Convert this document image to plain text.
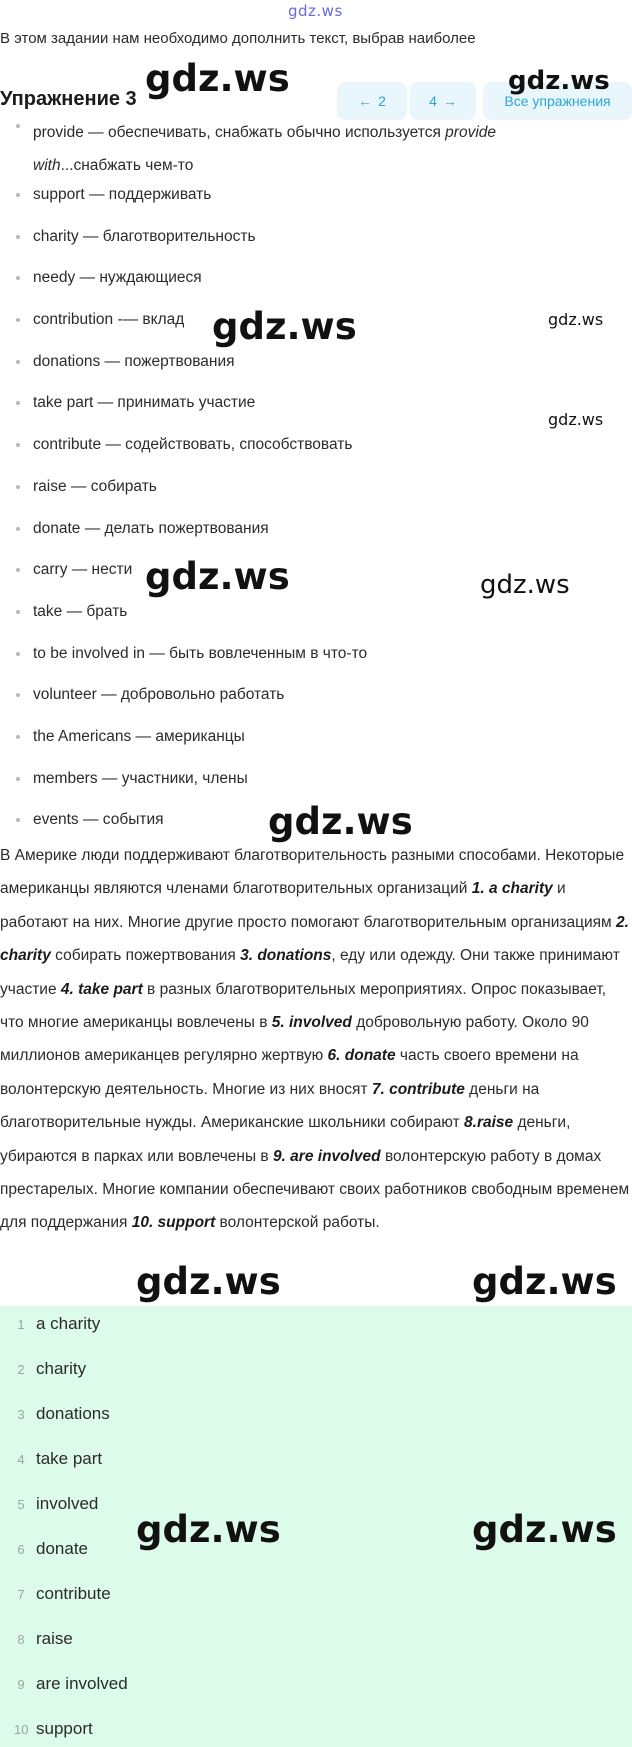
gdz.ws
В этом задании нам необходимо дополнить текст, выбрав наиболее
Упражнение 3	← 2	4 →	Все упражнения
provide — обеспечивать, снабжать обычно используется provide
with...снабжать чем-то
support — поддерживать
charity — благотворительность
needy — нуждающиеся
contribution -— вклад
donations — пожертвования
take part — принимать участие
contribute — содействовать, способствовать
raise — собирать
donate — делать пожертвования
carry — нести
take — брать
to be involved in — быть вовлеченным в что-то
volunteer — добровольно работать
the Americans — американцы
members — участники, члены
events — события
В Америке люди поддерживают благотворительность разными способами. Некоторые американцы являются членами благотворительных организаций 1. a charity и работают на них. Многие другие просто помогают благотворительным организациям 2. charity собирать пожертвования 3. donations, еду или одежду. Они также принимают участие 4. take part в разных благотворительных мероприятиях. Опрос показывает, что многие американцы вовлечены в 5. involved добровольную работу. Около 90 миллионов американцев регулярно жертвую 6. donate часть своего времени на волонтерскую деятельность. Многие из них вносят 7. contribute деньги на благотворительные нужды. Американские школьники собирают 8.raise деньги, убираются в парках или вовлечены в 9. are involved волонтерскую работу в домах престарелых. Многие компании обеспечивают своих работников свободным временем для поддержания 10. support волонтерской работы.
1 a charity
2 charity
3 donations
4 take part
5 involved
6 donate
7 contribute
8 raise
9 are involved
10 support
gdz.ws	gdz.ws
gdz.ws	gdz.ws
gdz.ws
gdz.ws	gdz.ws
gdz.ws
gdz.ws	gdz.ws
gdz.ws	gdz.ws
